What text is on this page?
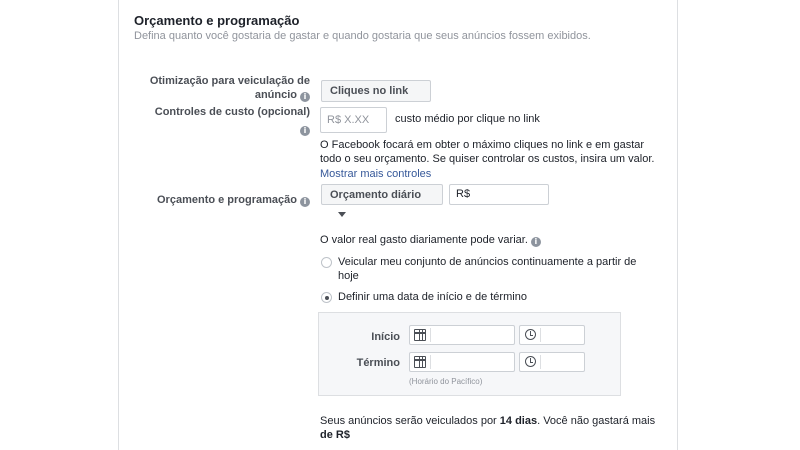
Orçamento e programação
Defina quanto você gostaria de gastar e quando gostaria que seus anúncios fossem exibidos.
Otimização para veiculação de
anúncio i	Cliques no link
Controles de custo (opcional)
i
R$ X.XX	custo médio por clique no link
O Facebook focará em obter o máximo cliques no link e em gastar
todo o seu orçamento. Se quiser controlar os custos, insira um valor.
Mostrar mais controles
Orçamento e programação i
Orçamento diário	R$
O valor real gasto diariamente pode variar. i
Veicular meu conjunto de anúncios continuamente a partir de
hoje
Definir uma data de início e de término
Início
Término
(Horário do Pacífico)
Seus anúncios serão veiculados por 14 dias. Você não gastará mais
de R$
